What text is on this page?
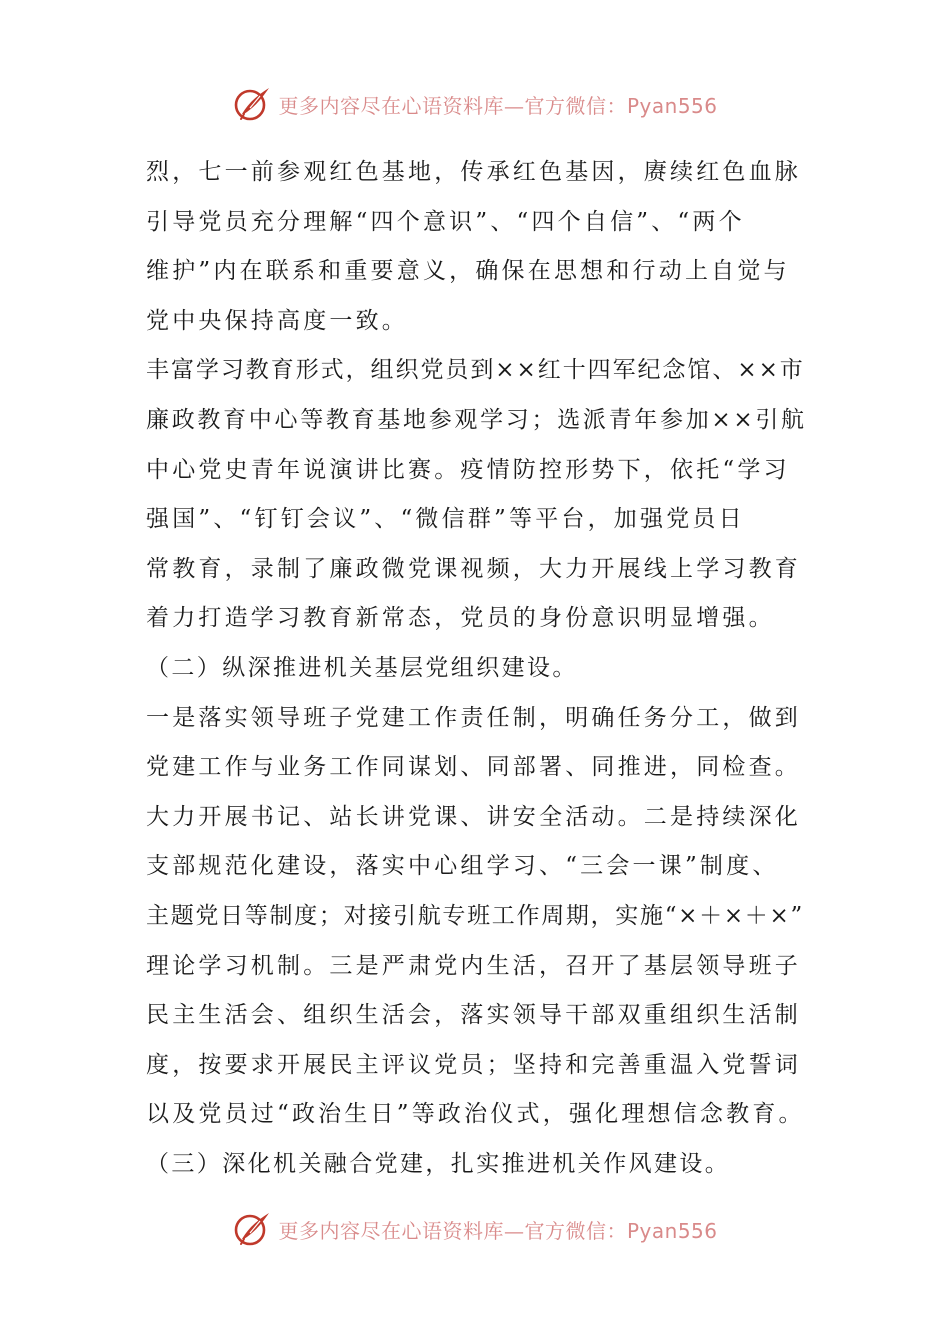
更多内容尽在心语资料库—官方微信：Pyan556
烈，七一前参观红色基地，传承红色基因，赓续红色血脉
引导党员充分理解“四个意识”、“四个自信”、“两个
维护”内在联系和重要意义，确保在思想和行动上自觉与
党中央保持高度一致。
丰富学习教育形式，组织党员到××红十四军纪念馆、××市
廉政教育中心等教育基地参观学习；选派青年参加××引航
中心党史青年说演讲比赛。疫情防控形势下，依托“学习
强国”、“钉钉会议”、“微信群”等平台，加强党员日
常教育，录制了廉政微党课视频，大力开展线上学习教育
着力打造学习教育新常态，党员的身份意识明显增强。
（二）纵深推进机关基层党组织建设。
一是落实领导班子党建工作责任制，明确任务分工，做到
党建工作与业务工作同谋划、同部署、同推进，同检查。
大力开展书记、站长讲党课、讲安全活动。二是持续深化
支部规范化建设，落实中心组学习、“三会一课”制度、
主题党日等制度；对接引航专班工作周期，实施“×＋×＋×”
理论学习机制。三是严肃党内生活，召开了基层领导班子
民主生活会、组织生活会，落实领导干部双重组织生活制
度，按要求开展民主评议党员；坚持和完善重温入党誓词
以及党员过“政治生日”等政治仪式，强化理想信念教育。
（三）深化机关融合党建，扎实推进机关作风建设。
更多内容尽在心语资料库—官方微信：Pyan556
